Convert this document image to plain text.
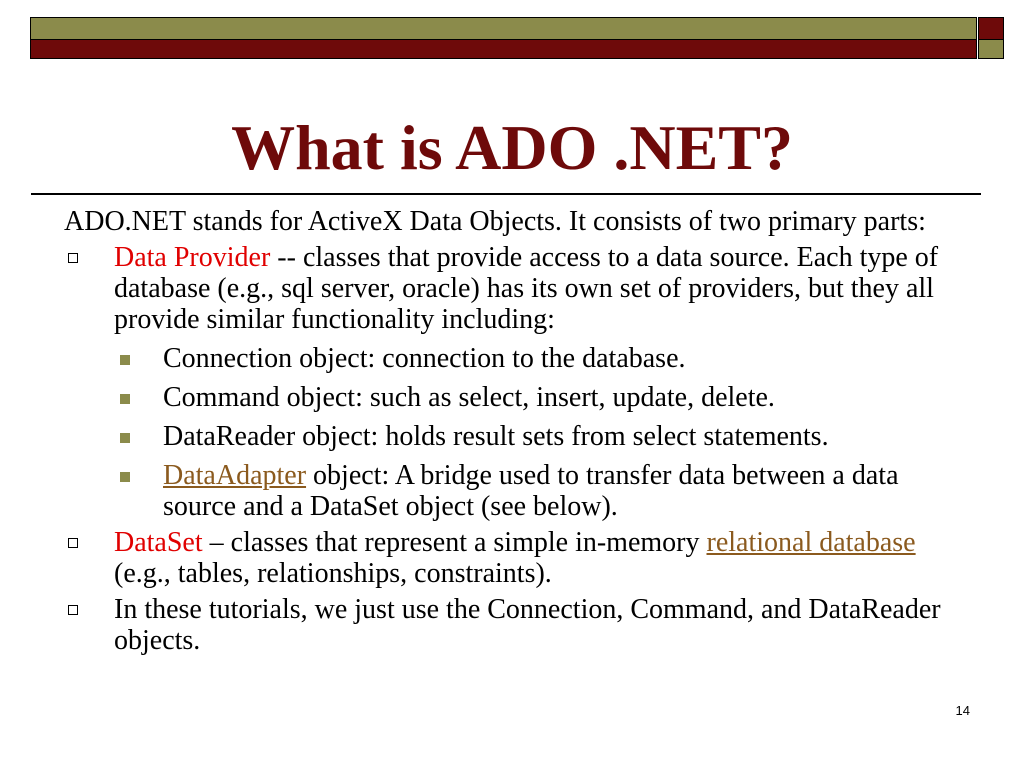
What is ADO .NET?
ADO.NET stands for ActiveX Data Objects. It consists of two primary parts:
Data Provider -- classes that provide access to a data source. Each type of database (e.g., sql server, oracle) has its own set of providers, but they all provide similar functionality including:
Connection object: connection to the database.
Command object: such as select, insert, update, delete.
DataReader object: holds result sets from select statements.
DataAdapter object: A bridge used to transfer data between a data source and a DataSet object (see below).
DataSet – classes that represent a simple in-memory relational database (e.g., tables, relationships, constraints).
In these tutorials, we just use the Connection, Command, and DataReader objects.
14
